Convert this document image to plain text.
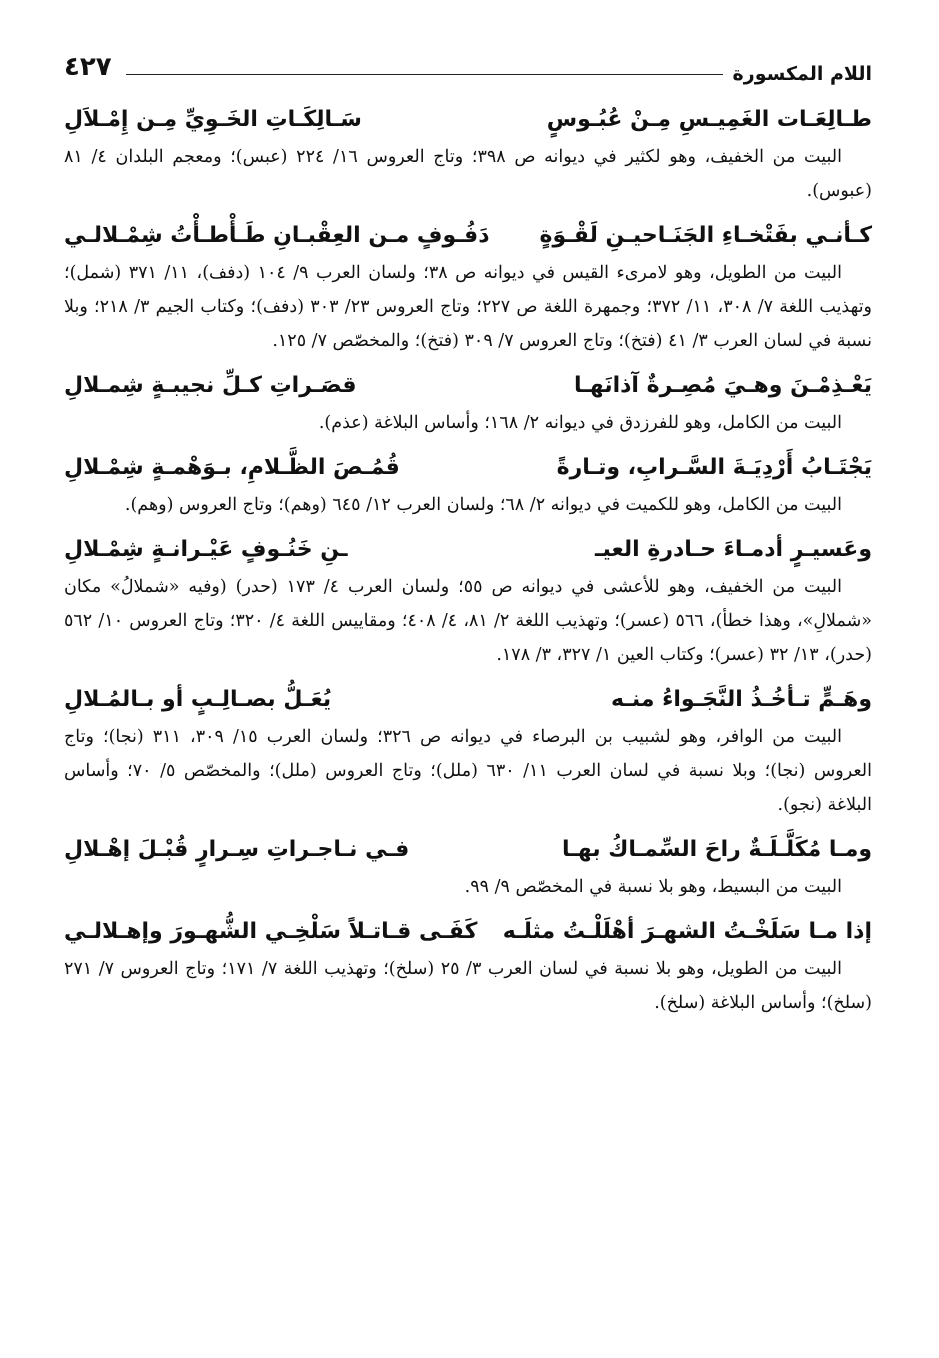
اللام المكسورة
٤٢٧
طـالِعَـات الغَمِيـسِ مِـنْ عُبُـوسٍ
سَـالِكَـاتِ الخَـوِيِّ مِـن إِمْـلاَلِ

البيت من الخفيف، وهو لكثير في ديوانه ص ٣٩٨؛ وتاج العروس ١٦/ ٢٢٤ (عبس)؛ ومعجم البلدان ٤/ ٨١ (عبوس).

كـأنـي بفَتْخـاءِ الجَنَـاحيـنِ لَقْـوَةٍ
دَفُـوفٍ مـن العِقْبـانِ طَـأْطـأْتُ شِمْـلالـي

البيت من الطويل، وهو لامرىء القيس في ديوانه ص ٣٨؛ ولسان العرب ٩/ ١٠٤ (دفف)، ١١/ ٣٧١ (شمل)؛ وتهذيب اللغة ٧/ ٣٠٨، ١١/ ٣٧٢؛ وجمهرة اللغة ص ٢٢٧؛ وتاج العروس ٢٣/ ٣٠٣ (دفف)؛ وكتاب الجيم ٣/ ٢١٨؛ وبلا نسبة في لسان العرب ٣/ ٤١ (فتخ)؛ وتاج العروس ٧/ ٣٠٩ (فتخ)؛ والمخصّص ٧/ ١٢٥.

يَعْـذِمْـنَ وهـيَ مُصِـرةٌ آذانَهـا
قصَـراتِ كـلِّ نجيبـةٍ شِمـلالِ

البيت من الكامل، وهو للفرزدق في ديوانه ٢/ ١٦٨؛ وأساس البلاغة (عذم).

يَجْتَـابُ أَرْدِيَـةَ السَّـرابِ، وتـارةً
قُمُـصَ الظَّـلامِ، بـوَهْمـةٍ شِمْـلالِ

البيت من الكامل، وهو للكميت في ديوانه ٢/ ٦٨؛ ولسان العرب ١٢/ ٦٤٥ (وهم)؛ وتاج العروس (وهم).

وعَسيـرٍ أدمـاءَ حـادرةِ العيـ
ـنِ خَنُـوفٍ عَيْـرانـةٍ شِمْـلالِ

البيت من الخفيف، وهو للأعشى في ديوانه ص ٥٥؛ ولسان العرب ٤/ ١٧٣ (حدر) (وفيه «شملالُ» مكان «شملالِ»، وهذا خطأ)، ٥٦٦ (عسر)؛ وتهذيب اللغة ٢/ ٨١، ٤/ ٤٠٨؛ ومقاييس اللغة ٤/ ٣٢٠؛ وتاج العروس ١٠/ ٥٦٢ (حدر)، ١٣/ ٣٢ (عسر)؛ وكتاب العين ١/ ٣٢٧، ٣/ ١٧٨.

وهَـمٍّ تـأخُـذُ النَّجَـواءُ منـه
يُعَـلُّ بصـالِـبٍ أو بـالمُـلالِ

البيت من الوافر، وهو لشبيب بن البرصاء في ديوانه ص ٣٢٦؛ ولسان العرب ١٥/ ٣٠٩، ٣١١ (نجا)؛ وتاج العروس (نجا)؛ وبلا نسبة في لسان العرب ١١/ ٦٣٠ (ملل)؛ وتاج العروس (ملل)؛ والمخصّص ٥/ ٧٠؛ وأساس البلاغة (نجو).

ومـا مُكَلَّـلَـةٌ راحَ السِّمـاكُ بهـا
فـي نـاجـراتِ سِـرارٍ قُبْـلَ إهْـلالِ

البيت من البسيط، وهو بلا نسبة في المخصّص ٩/ ٩٩.

إذا مـا سَلَخْـتُ الشهـرَ أهْلَلْـتُ مثلَـه
كَفَـى قـاتـلاً سَلْخِـي الشُّهـورَ وإهـلالـي

البيت من الطويل، وهو بلا نسبة في لسان العرب ٣/ ٢٥ (سلخ)؛ وتهذيب اللغة ٧/ ١٧١؛ وتاج العروس ٧/ ٢٧١ (سلخ)؛ وأساس البلاغة (سلخ).
